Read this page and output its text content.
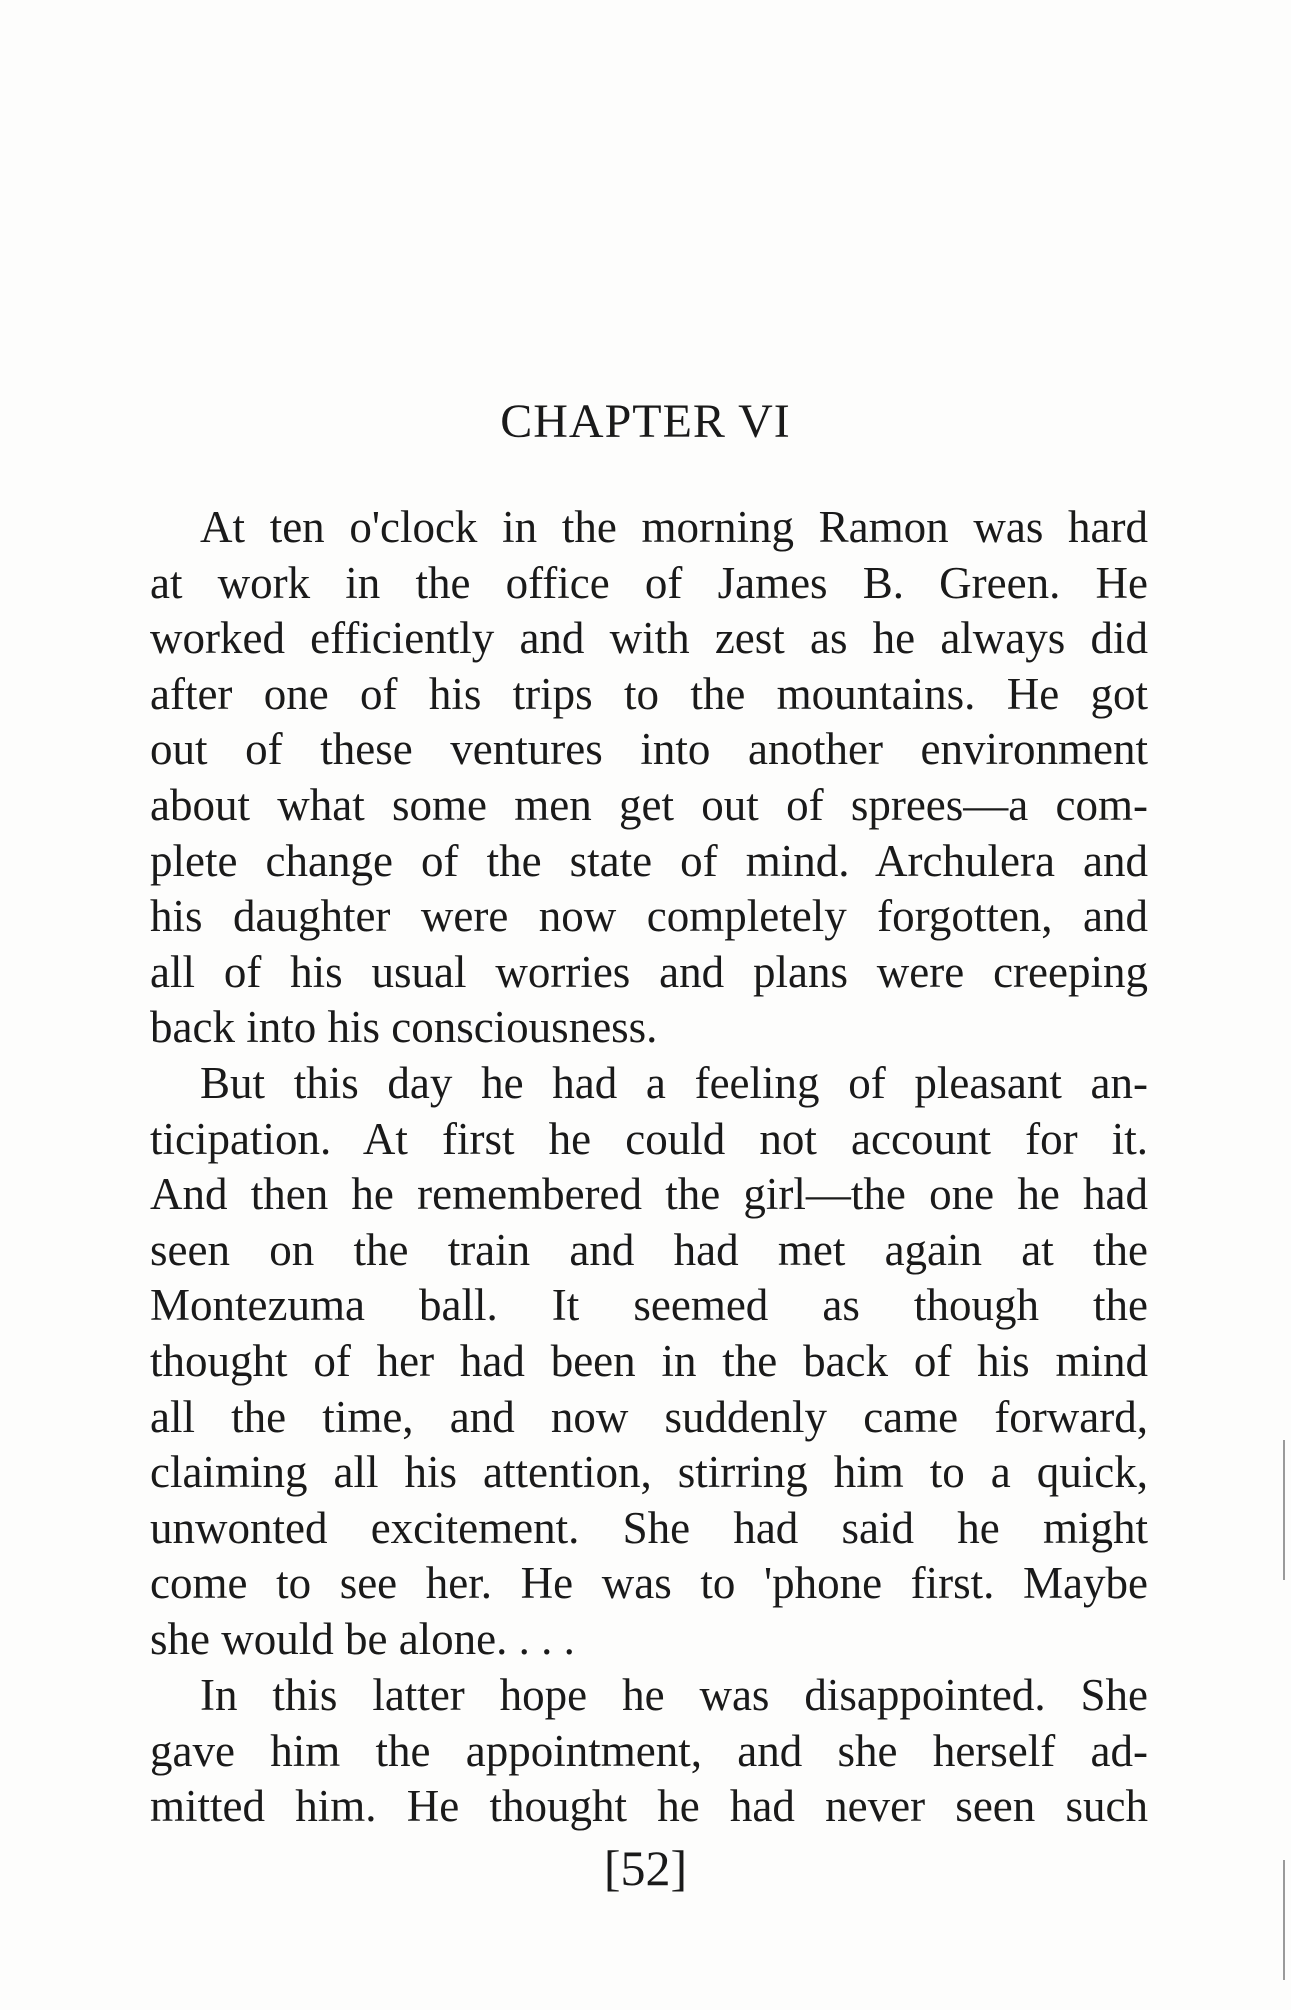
CHAPTER VI
At ten o'clock in the morning Ramon was hard
at work in the office of James B. Green. He
worked efficiently and with zest as he always did
after one of his trips to the mountains. He got
out of these ventures into another environment
about what some men get out of sprees—a com-
plete change of the state of mind. Archulera and
his daughter were now completely forgotten, and
all of his usual worries and plans were creeping
back into his consciousness.
But this day he had a feeling of pleasant an-
ticipation. At first he could not account for it.
And then he remembered the girl—the one he had
seen on the train and had met again at the
Montezuma ball. It seemed as though the
thought of her had been in the back of his mind
all the time, and now suddenly came forward,
claiming all his attention, stirring him to a quick,
unwonted excitement. She had said he might
come to see her. He was to 'phone first. Maybe
she would be alone. . . .
In this latter hope he was disappointed. She
gave him the appointment, and she herself ad-
mitted him. He thought he had never seen such
[52]
